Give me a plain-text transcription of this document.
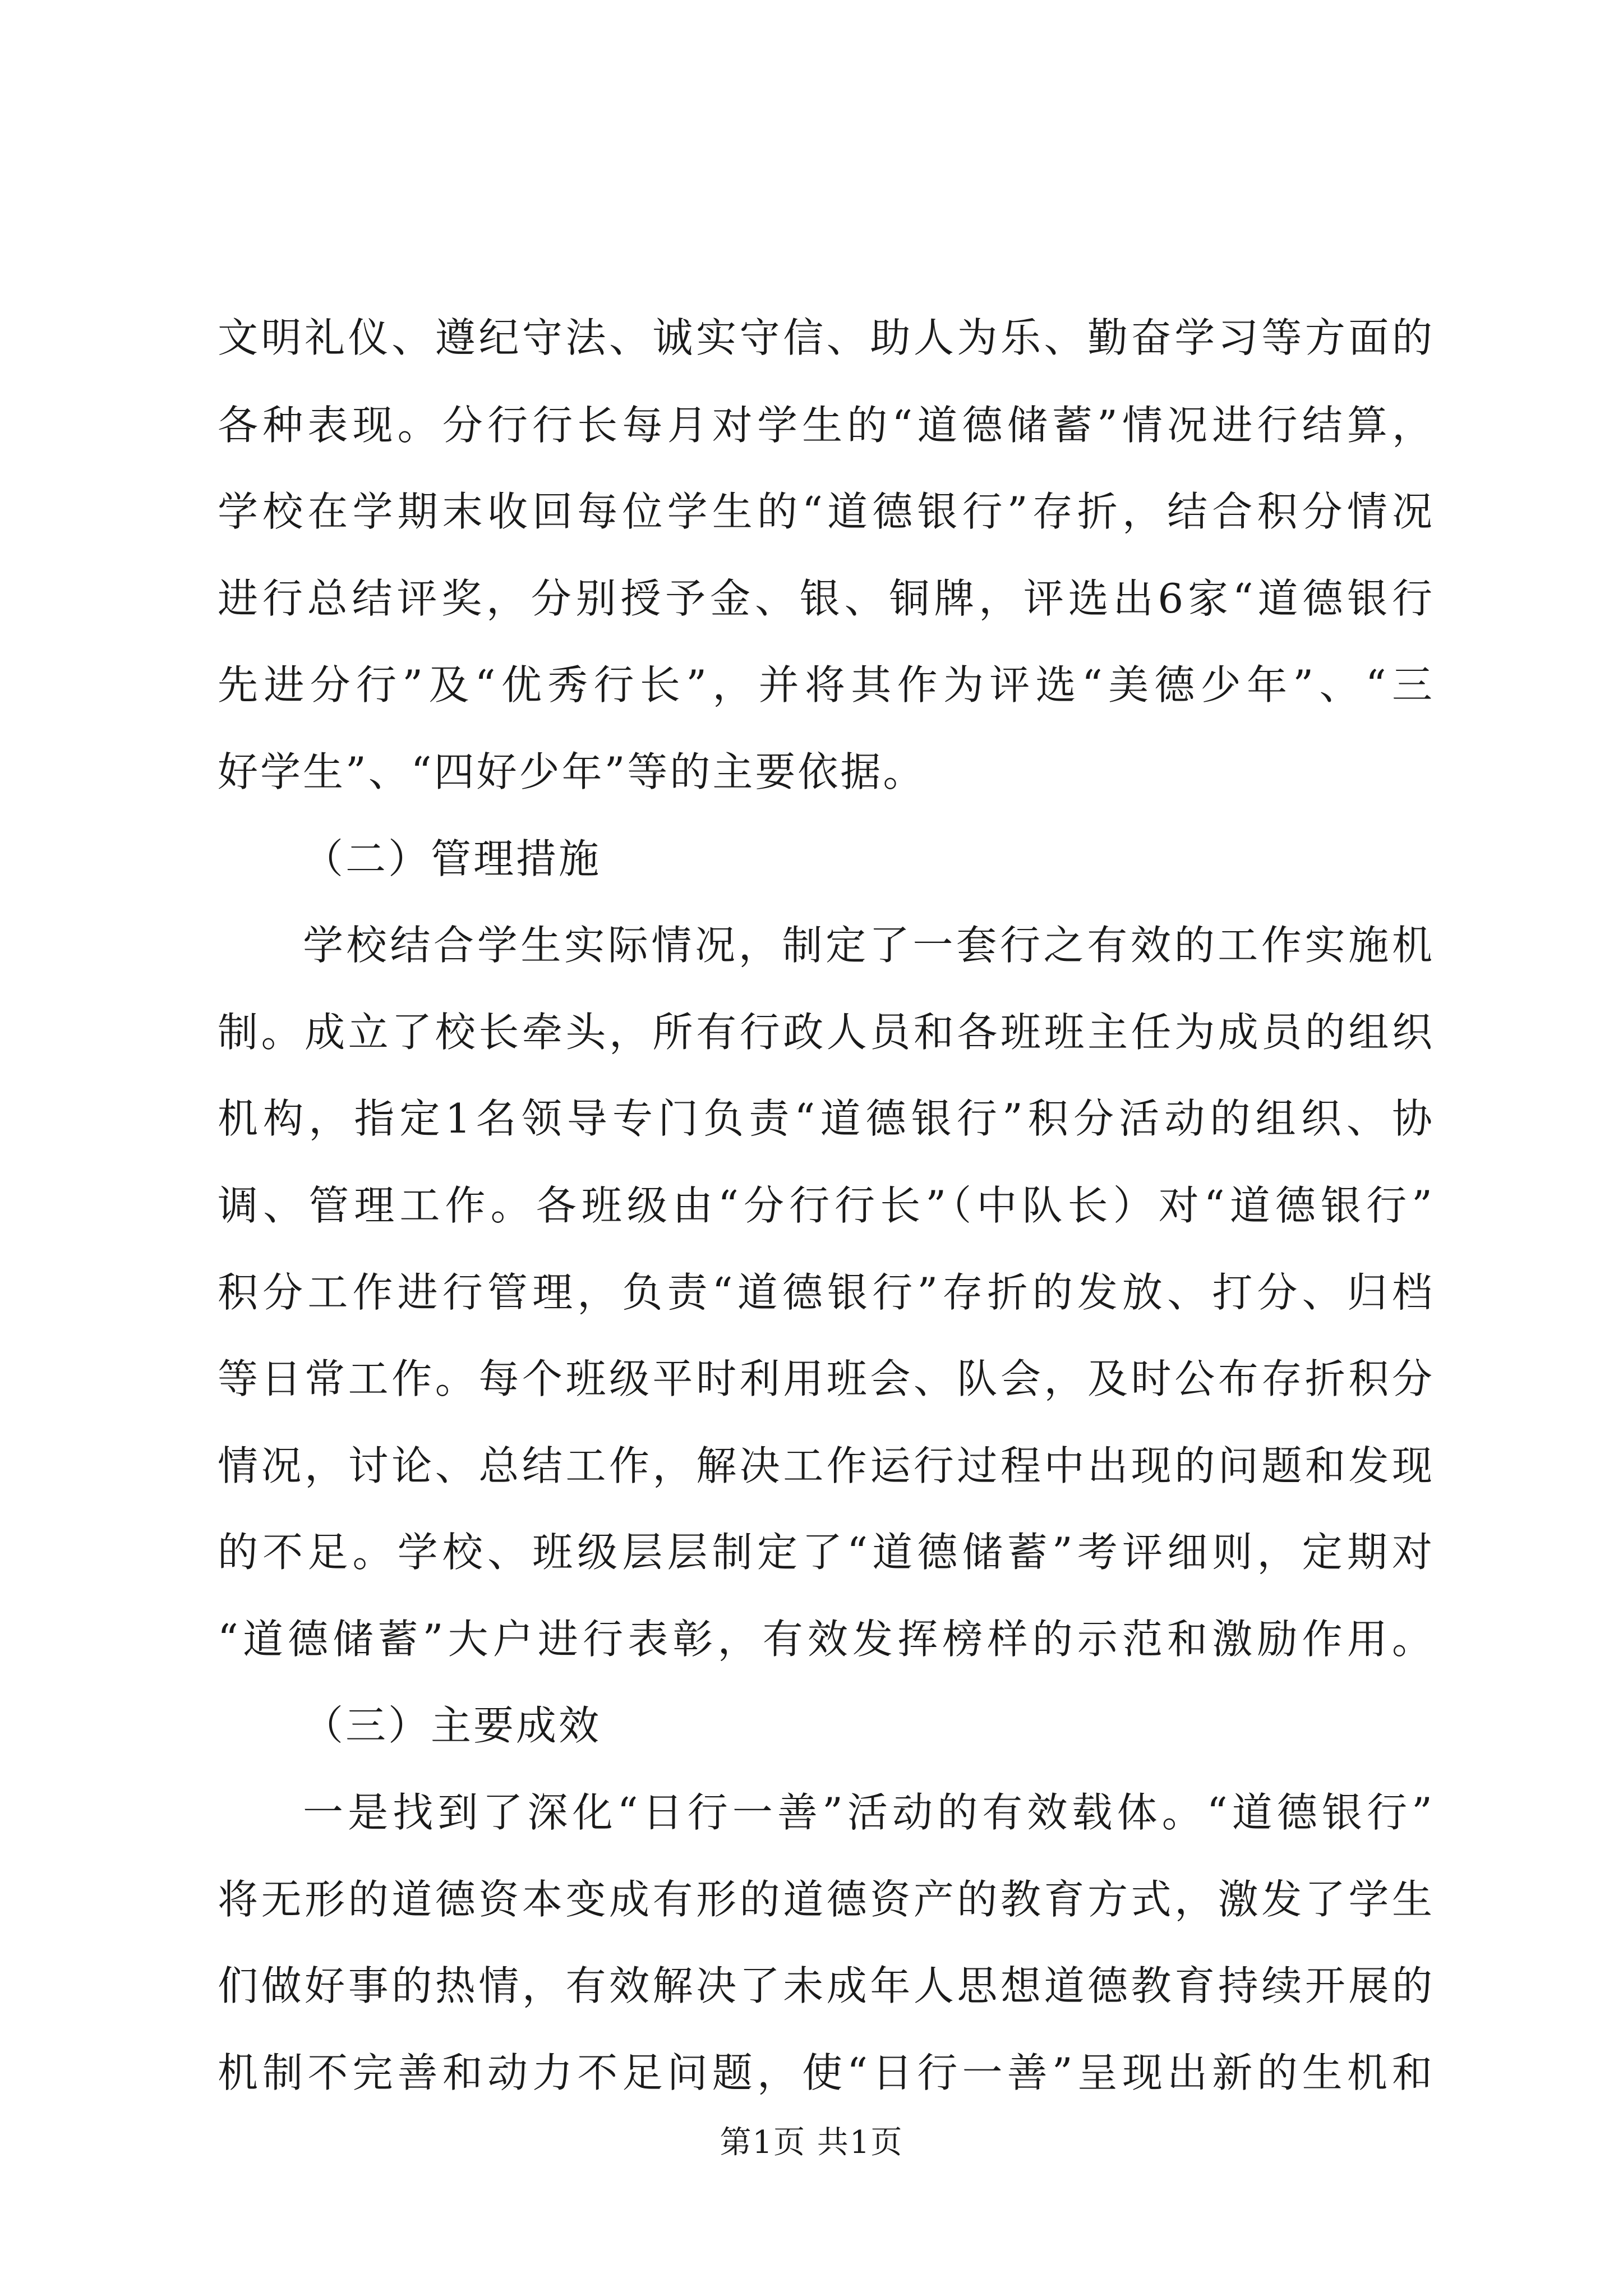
文明礼仪、遵纪守法、诚实守信、助人为乐、勤奋学习等方面的
各种表现。分行行长每月对学生的“道德储蓄”情况进行结算，
学校在学期末收回每位学生的“道德银行”存折，结合积分情况
进行总结评奖，分别授予金、银、铜牌，评选出6家“道德银行
先进分行”及“优秀行长”，并将其作为评选“美德少年”、“三
好学生”、“四好少年”等的主要依据。
（二）管理措施
学校结合学生实际情况，制定了一套行之有效的工作实施机
制。成立了校长牵头，所有行政人员和各班班主任为成员的组织
机构，指定1名领导专门负责“道德银行”积分活动的组织、协
调、管理工作。各班级由“分行行长”（中队长）对“道德银行”
积分工作进行管理，负责“道德银行”存折的发放、打分、归档
等日常工作。每个班级平时利用班会、队会，及时公布存折积分
情况，讨论、总结工作，解决工作运行过程中出现的问题和发现
的不足。学校、班级层层制定了“道德储蓄”考评细则，定期对
“道德储蓄”大户进行表彰，有效发挥榜样的示范和激励作用。
（三）主要成效
一是找到了深化“日行一善”活动的有效载体。“道德银行”
将无形的道德资本变成有形的道德资产的教育方式，激发了学生
们做好事的热情，有效解决了未成年人思想道德教育持续开展的
机制不完善和动力不足问题，使“日行一善”呈现出新的生机和
第1页 共1页
